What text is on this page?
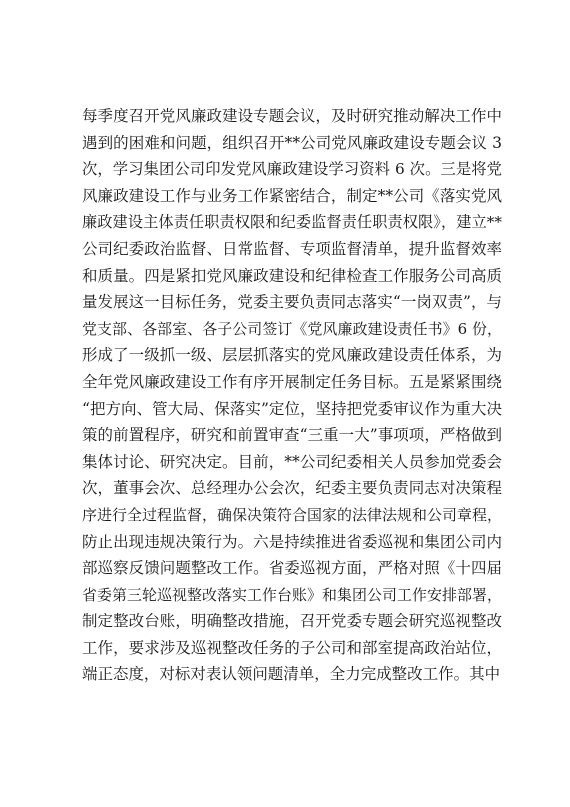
每季度召开党风廉政建设专题会议，及时研究推动解决工作中
遇到的困难和问题，组织召开**公司党风廉政建设专题会议 3
次，学习集团公司印发党风廉政建设学习资料 6 次。三是将党
风廉政建设工作与业务工作紧密结合，制定**公司《落实党风
廉政建设主体责任职责权限和纪委监督责任职责权限》，建立**
公司纪委政治监督、日常监督、专项监督清单，提升监督效率
和质量。四是紧扣党风廉政建设和纪律检查工作服务公司高质
量发展这一目标任务，党委主要负责同志落实“一岗双责”，与
党支部、各部室、各子公司签订《党风廉政建设责任书》6 份，
形成了一级抓一级、层层抓落实的党风廉政建设责任体系，为
全年党风廉政建设工作有序开展制定任务目标。五是紧紧围绕
“把方向、管大局、保落实”定位，坚持把党委审议作为重大决
策的前置程序，研究和前置审查“三重一大”事项项，严格做到
集体讨论、研究决定。目前，**公司纪委相关人员参加党委会
次，董事会次、总经理办公会次，纪委主要负责同志对决策程
序进行全过程监督，确保决策符合国家的法律法规和公司章程，
防止出现违规决策行为。六是持续推进省委巡视和集团公司内
部巡察反馈问题整改工作。省委巡视方面，严格对照《十四届
省委第三轮巡视整改落实工作台账》和集团公司工作安排部署，
制定整改台账，明确整改措施，召开党委专题会研究巡视整改
工作，要求涉及巡视整改任务的子公司和部室提高政治站位，
端正态度，对标对表认领问题清单，全力完成整改工作。其中
